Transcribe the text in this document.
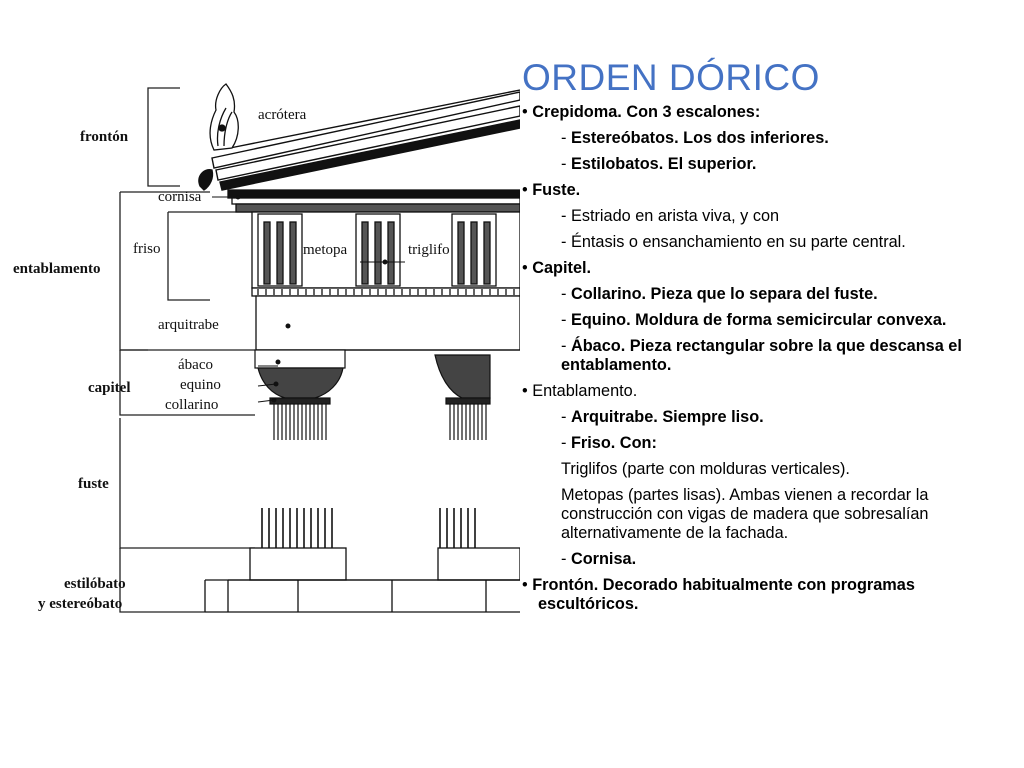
acrótera
frontón
cornisa
friso	metopa	triglifo
entablamento
arquitrabe
ábaco
equino
capitel
collarino
fuste
estilóbato
y estereóbato
ORDEN DÓRICO
• Crepidoma. Con 3 escalones:
- Estereóbatos. Los dos inferiores.
- Estilobatos. El superior.
• Fuste.
- Estriado en arista viva, y con
- Éntasis o ensanchamiento en su parte central.
• Capitel.
- Collarino. Pieza que lo separa del fuste.
- Equino. Moldura de forma semicircular convexa.
- Ábaco. Pieza rectangular sobre la que descansa el entablamento.
• Entablamento.
- Arquitrabe. Siempre liso.
- Friso. Con:
Triglifos (parte con molduras verticales).
Metopas (partes lisas). Ambas vienen a recordar la construcción con vigas de madera que sobresalían alternativamente de la fachada.
- Cornisa.
• Frontón. Decorado habitualmente con programas escultóricos.
